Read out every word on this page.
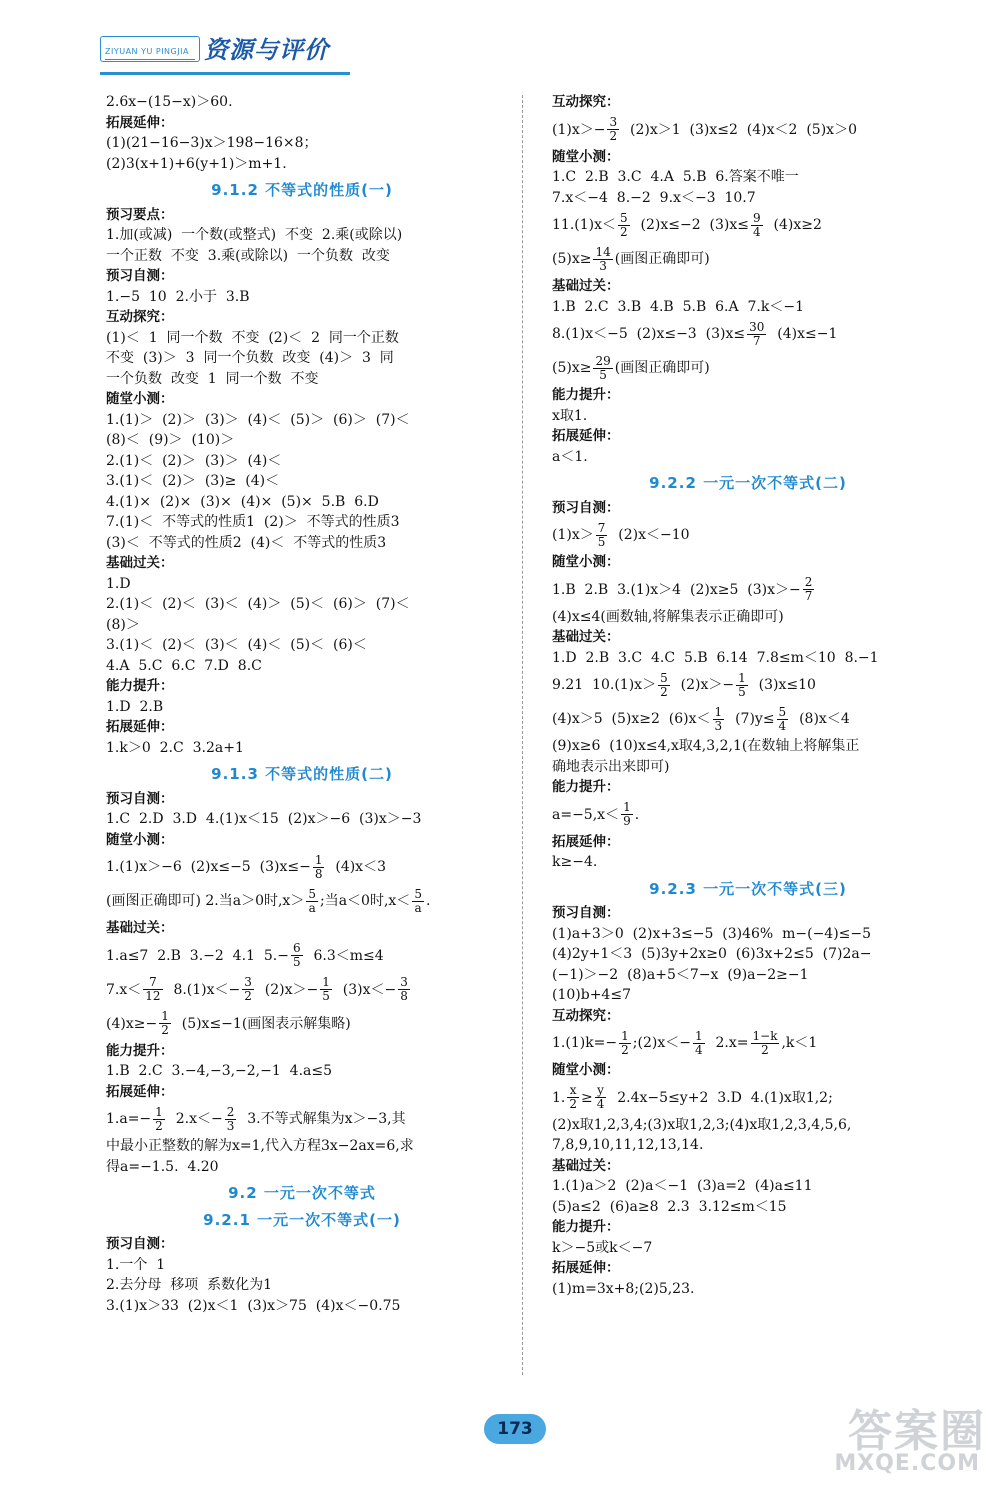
ZIYUAN YU PINGJIA 资源与评价
2.6x−(15−x)＞60.
拓展延伸：
(1)(21−16−3)x＞198−16×8；
(2)3(x+1)+6(y+1)＞m+1.
9.1.2 不等式的性质(一)
预习要点：
1.加(或减)  一个数(或整式)  不变  2.乘(或除以)
一个正数  不变  3.乘(或除以)  一个负数  改变
预习自测：
1.−5  10  2.小于  3.B
互动探究：
(1)＜  1  同一个数  不变  (2)＜  2  同一个正数
不变  (3)＞  3  同一个负数  改变  (4)＞  3  同
一个负数  改变  1  同一个数  不变
随堂小测：
1.(1)＞  (2)＞  (3)＞  (4)＜  (5)＞  (6)＞  (7)＜
(8)＜  (9)＞  (10)＞
2.(1)＜  (2)＞  (3)＞  (4)＜
3.(1)＜  (2)＞  (3)≥  (4)＜
4.(1)×  (2)×  (3)×  (4)×  (5)×  5.B  6.D
7.(1)＜  不等式的性质1  (2)＞  不等式的性质3
(3)＜  不等式的性质2  (4)＜  不等式的性质3
基础过关：
1.D
2.(1)＜  (2)＜  (3)＜  (4)＞  (5)＜  (6)＞  (7)＜
(8)＞
3.(1)＜  (2)＜  (3)＜  (4)＜  (5)＜  (6)＜
4.A  5.C  6.C  7.D  8.C
能力提升：
1.D  2.B
拓展延伸：
1.k＞0  2.C  3.2a+1
9.1.3 不等式的性质(二)
预习自测：
1.C  2.D  3.D  4.(1)x＜15  (2)x＞−6  (3)x＞−3
随堂小测：
1.(1)x＞−6  (2)x≤−5  $(3)x\le- \frac{1}{8} (4)x<3$
(画图正确即可) 2.当a＞0时$,x> \frac{5}{a}$ ;当a＜0时$,x< \frac{5}{a}$ .
基础过关：
1.a≤7  2.B  3.−2  4.1  $5.- \frac{6}{5} 6.3<m\le 4$
$7.x< \frac{7}{12} 8.(1)x<- \frac{3}{2} (2)x>- \frac{1}{5} (3)x<- \frac{3}{8}$
$(4)x\ge- \frac{1}{2} (5)x\le-1$(画图表示解集略)
能力提升：
1.B  2.C  3.−4,−3,−2,−1  4.a≤5
拓展延伸：
$1.a=- \frac{1}{2} 2.x<- \frac{2}{3} 3$.不等式解集为x＞−3,其
中最小正整数的解为x=1,代入方程3x−2ax=6,求
得a=−1.5.  4.20
9.2 一元一次不等式
9.2.1 一元一次不等式(一)
预习自测：
1.一个  1
2.去分母  移项  系数化为1
3.(1)x＞33  (2)x＜1  (3)x＞75  (4)x＜−0.75
互动探究：
$(1)x>- \frac{3}{2} (2)x>1$  (3)x≤2  (4)x＜2  (5)x＞0
随堂小测：
1.C  2.B  3.C  4.A  5.B  6.答案不唯一
7.x＜−4  8.−2  9.x＜−3  10.7
$11.(1)x< \frac{5}{2} (2)x\le-2$  $(3)x\le \frac{9}{4} (4)x\ge 2$
$(5)x\ge \frac{14}{3}$ (画图正确即可)
基础过关：
1.B  2.C  3.B  4.B  5.B  6.A  7.k＜−1
8.(1)x＜−5  (2)x≤−3  $(3)x\le \frac{30}{7} (4)x\le-1$
$(5)x\ge \frac{29}{5}$ (画图正确即可)
能力提升：
x取1.
拓展延伸：
a＜1.
9.2.2 一元一次不等式(二)
预习自测：
$(1)x> \frac{7}{5} (2)x<-10$
随堂小测：
1.B  2.B  3.(1)x＞4  (2)x≥5  $(3)x>- \frac{2}{7}$
(4)x≤4(画数轴,将解集表示正确即可)
基础过关：
1.D  2.B  3.C  4.C  5.B  6.14  7.8≤m＜10  8.−1
9.21  $10.(1)x> \frac{5}{2} (2)x>- \frac{1}{5} (3)x\le 10$
(4)x＞5  (5)x≥2  $(6)x< \frac{1}{3} (7)y\le \frac{5}{4} (8)x<4$
(9)x≥6  (10)x≤4,x取4,3,2,1(在数轴上将解集正
确地表示出来即可)
能力提升：
$a=-5,x< \frac{1}{9}$ .
拓展延伸：
k≥−4.
9.2.3 一元一次不等式(三)
预习自测：
(1)a+3＞0  (2)x+3≤−5  (3)46%  m−(−4)≤−5
(4)2y+1＜3  (5)3y+2x≥0  (6)3x+2≤5  (7)2a−
(−1)＞−2  (8)a+5＜7−x  (9)a−2≥−1
(10)b+4≤7
互动探究：
$1.(1)k=- \frac{1}{2}$ ;(2)x＜− $\frac{1}{4} 2.x= \frac{1-k}{2} ,k<1$
随堂小测：
1. $\frac{x}{2} \ge \frac{y}{4} 2.4x-5\le y+2$  3.D  4.(1)x取1,2;
(2)x取1,2,3,4;(3)x取1,2,3;(4)x取1,2,3,4,5,6,
7,8,9,10,11,12,13,14.
基础过关：
1.(1)a＞2  (2)a＜−1  (3)a=2  (4)a≤11
(5)a≤2  (6)a≥8  2.3  3.12≤m＜15
能力提升：
k＞−5或k＜−7
拓展延伸：
(1)m=3x+8;(2)5,23.
173	答案圈
MXQE.COM
